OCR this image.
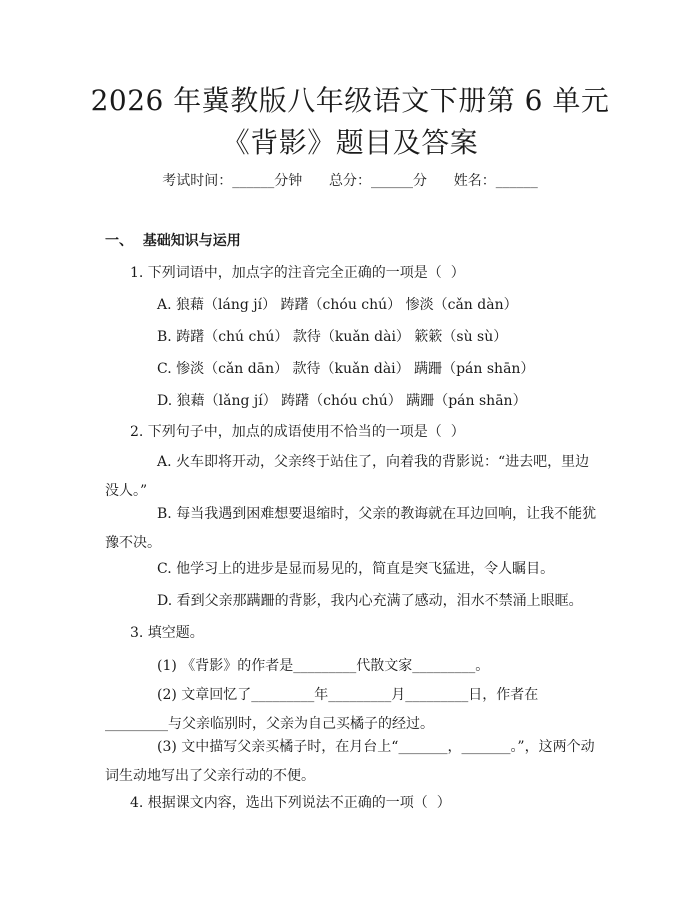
2026 年冀教版八年级语文下册第 6 单元《背影》题目及答案
考试时间：______分钟      总分：______分      姓名：______
一、  基础知识与运用
1. 下列词语中，加点字的注音完全正确的一项是（  ）
A. 狼藉（láng jí） 踌躇（chóu chú） 惨淡（cǎn dàn）
B. 踌躇（chú chú） 款待（kuǎn dài） 簌簌（sù sù）
C. 惨淡（cǎn dān） 款待（kuǎn dài） 蹒跚（pán shān）
D. 狼藉（lǎng jí） 踌躇（chóu chú） 蹒跚（pán shān）
2. 下列句子中，加点的成语使用不恰当的一项是（  ）

A. 火车即将开动，父亲终于站住了，向着我的背影说：“进去吧，里边没人。”

B. 每当我遇到困难想要退缩时，父亲的教诲就在耳边回响，让我不能犹豫不决。

C. 他学习上的进步是显而易见的，简直是突飞猛进，令人瞩目。
D. 看到父亲那蹒跚的背影，我内心充满了感动，泪水不禁涌上眼眶。
3. 填空题。
(1) 《背影》的作者是_________代散文家_________。

(2) 文章回忆了_________年_________月_________日，作者在_________与父亲临别时，父亲为自己买橘子的经过。

(3) 文中描写父亲买橘子时，在月台上“_______，_______。”，这两个动词生动地写出了父亲行动的不便。

4. 根据课文内容，选出下列说法不正确的一项（  ）
